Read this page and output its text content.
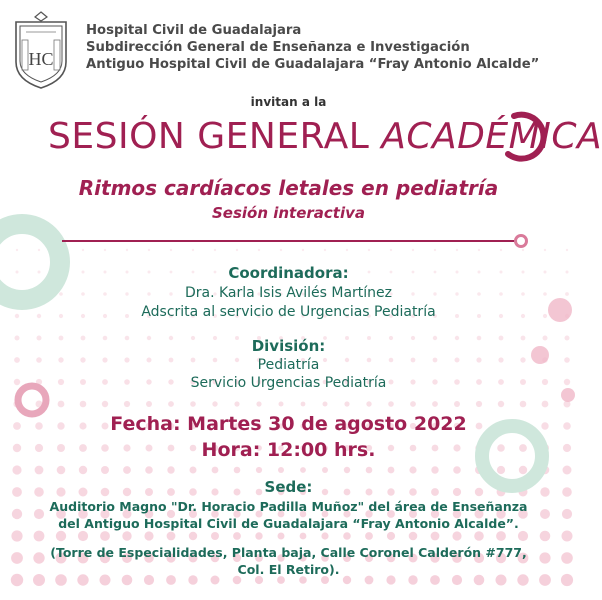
HC
Hospital Civil de Guadalajara
Subdirección General de Enseñanza e Investigación
Antiguo Hospital Civil de Guadalajara “Fray Antonio Alcalde”
invitan a la
SESIÓN GENERAL ACADÉMICA
Ritmos cardíacos letales en pediatría
Sesión interactiva
Coordinadora:
Dra. Karla Isis Avilés Martínez
Adscrita al servicio de Urgencias Pediatría
División:
Pediatría
Servicio Urgencias Pediatría
Fecha: Martes 30 de agosto 2022
Hora: 12:00 hrs.
Sede:
Auditorio Magno "Dr. Horacio Padilla Muñoz" del área de Enseñanza
del Antiguo Hospital Civil de Guadalajara “Fray Antonio Alcalde”.
(Torre de Especialidades, Planta baja, Calle Coronel Calderón #777,
Col. El Retiro).
